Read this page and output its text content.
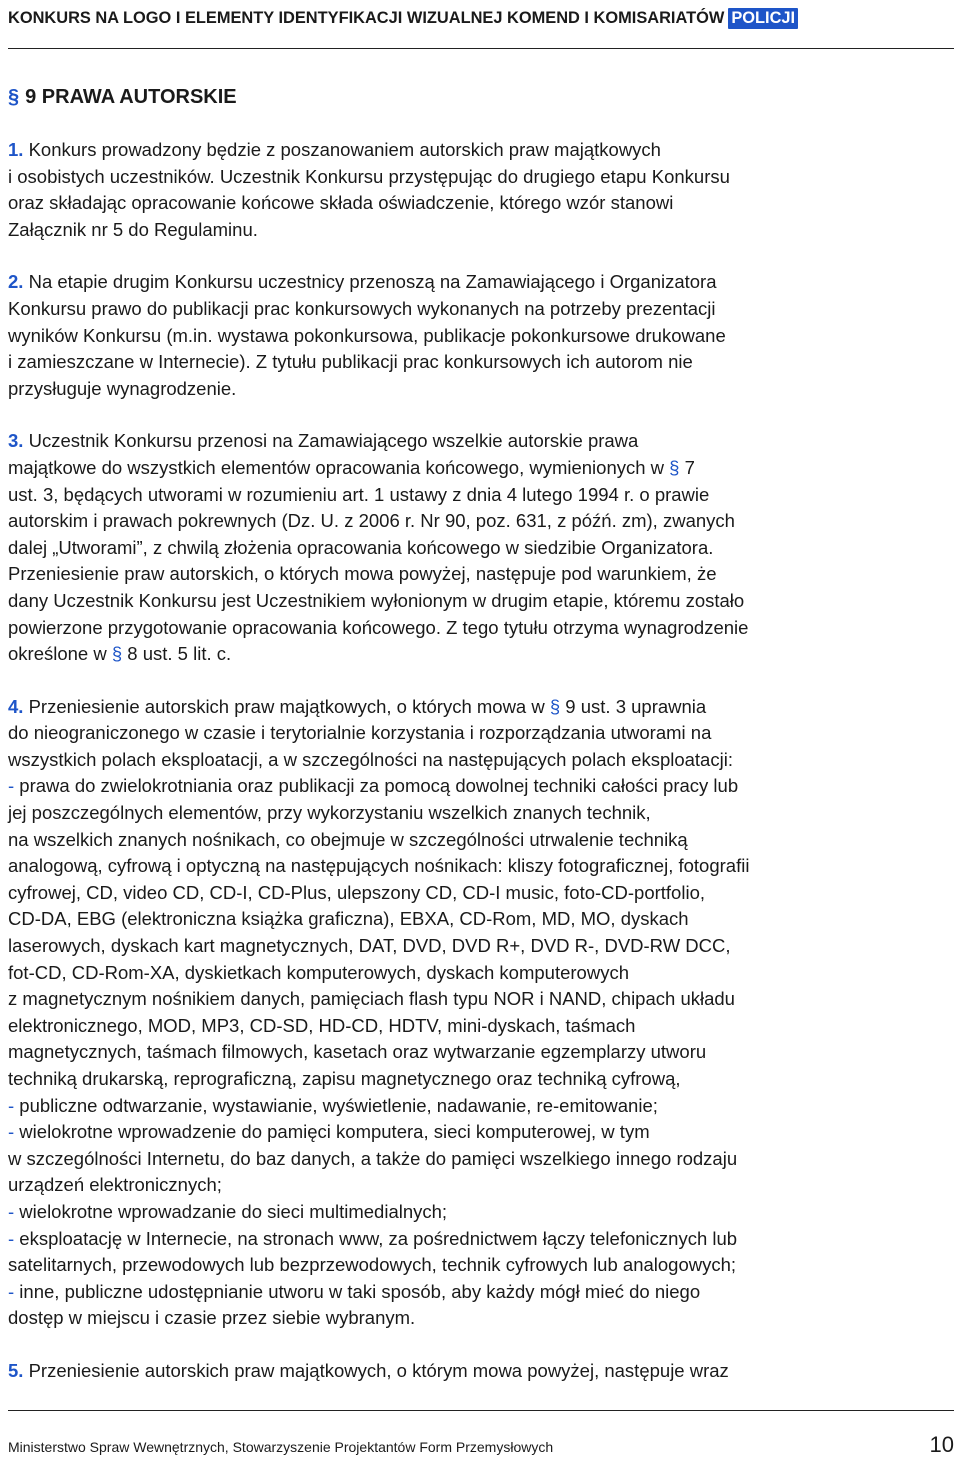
KONKURS NA LOGO I ELEMENTY IDENTYFIKACJI WIZUALNEJ KOMEND I KOMISARIATÓW POLICJI
§ 9 PRAWA AUTORSKIE

1. Konkurs prowadzony będzie z poszanowaniem autorskich praw majątkowych
i osobistych uczestników. Uczestnik Konkursu przystępując do drugiego etapu Konkursu
oraz składając opracowanie końcowe składa oświadczenie, którego wzór stanowi
Załącznik nr 5 do Regulaminu.

2. Na etapie drugim Konkursu uczestnicy przenoszą na Zamawiającego i Organizatora
Konkursu prawo do publikacji prac konkursowych wykonanych na potrzeby prezentacji
wyników Konkursu (m.in. wystawa pokonkursowa, publikacje pokonkursowe drukowane
i zamieszczane w Internecie). Z tytułu publikacji prac konkursowych ich autorom nie
przysługuje wynagrodzenie.

3. Uczestnik Konkursu przenosi na Zamawiającego wszelkie autorskie prawa
majątkowe do wszystkich elementów opracowania końcowego, wymienionych w § 7
ust. 3, będących utworami w rozumieniu art. 1 ustawy z dnia 4 lutego 1994 r. o prawie
autorskim i prawach pokrewnych (Dz. U. z 2006 r. Nr 90, poz. 631, z późń. zm), zwanych
dalej „Utworami”, z chwilą złożenia opracowania końcowego w siedzibie Organizatora.
Przeniesienie praw autorskich, o których mowa powyżej, następuje pod warunkiem, że
dany Uczestnik Konkursu jest Uczestnikiem wyłonionym w drugim etapie, któremu zostało
powierzone przygotowanie opracowania końcowego. Z tego tytułu otrzyma wynagrodzenie
określone w § 8 ust. 5 lit. c.

4. Przeniesienie autorskich praw majątkowych, o których mowa w § 9 ust. 3 uprawnia
do nieograniczonego w czasie i terytorialnie korzystania i rozporządzania utworami na
wszystkich polach eksploatacji, a w szczególności na następujących polach eksploatacji:
- prawa do zwielokrotniania oraz publikacji za pomocą dowolnej techniki całości pracy lub
jej poszczególnych elementów, przy wykorzystaniu wszelkich znanych technik,
na wszelkich znanych nośnikach, co obejmuje w szczególności utrwalenie techniką
analogową, cyfrową i optyczną na następujących nośnikach: kliszy fotograficznej, fotografii
cyfrowej, CD, video CD, CD-I, CD-Plus, ulepszony CD, CD-I music, foto-CD-portfolio,
CD-DA, EBG (elektroniczna książka graficzna), EBXA, CD-Rom, MD, MO, dyskach
laserowych, dyskach kart magnetycznych, DAT, DVD, DVD R+, DVD R-, DVD-RW DCC,
fot-CD, CD-Rom-XA, dyskietkach komputerowych, dyskach komputerowych
z magnetycznym nośnikiem danych, pamięciach flash typu NOR i NAND, chipach układu
elektronicznego, MOD, MP3, CD-SD, HD-CD, HDTV, mini-dyskach, taśmach
magnetycznych, taśmach filmowych, kasetach oraz wytwarzanie egzemplarzy utworu
techniką drukarską, reprograficzną, zapisu magnetycznego oraz techniką cyfrową,
- publiczne odtwarzanie, wystawianie, wyświetlenie, nadawanie, re-emitowanie;
- wielokrotne wprowadzenie do pamięci komputera, sieci komputerowej, w tym
w szczególności Internetu, do baz danych, a także do pamięci wszelkiego innego rodzaju
urządzeń elektronicznych;
- wielokrotne wprowadzanie do sieci multimedialnych;
- eksploatację w Internecie, na stronach www, za pośrednictwem łączy telefonicznych lub
satelitarnych, przewodowych lub bezprzewodowych, technik cyfrowych lub analogowych;
- inne, publiczne udostępnianie utworu w taki sposób, aby każdy mógł mieć do niego
dostęp w miejscu i czasie przez siebie wybranym.

5. Przeniesienie autorskich praw majątkowych, o którym mowa powyżej, następuje wraz

Ministerstwo Spraw Wewnętrznych, Stowarzyszenie Projektantów Form Przemysłowych	10
